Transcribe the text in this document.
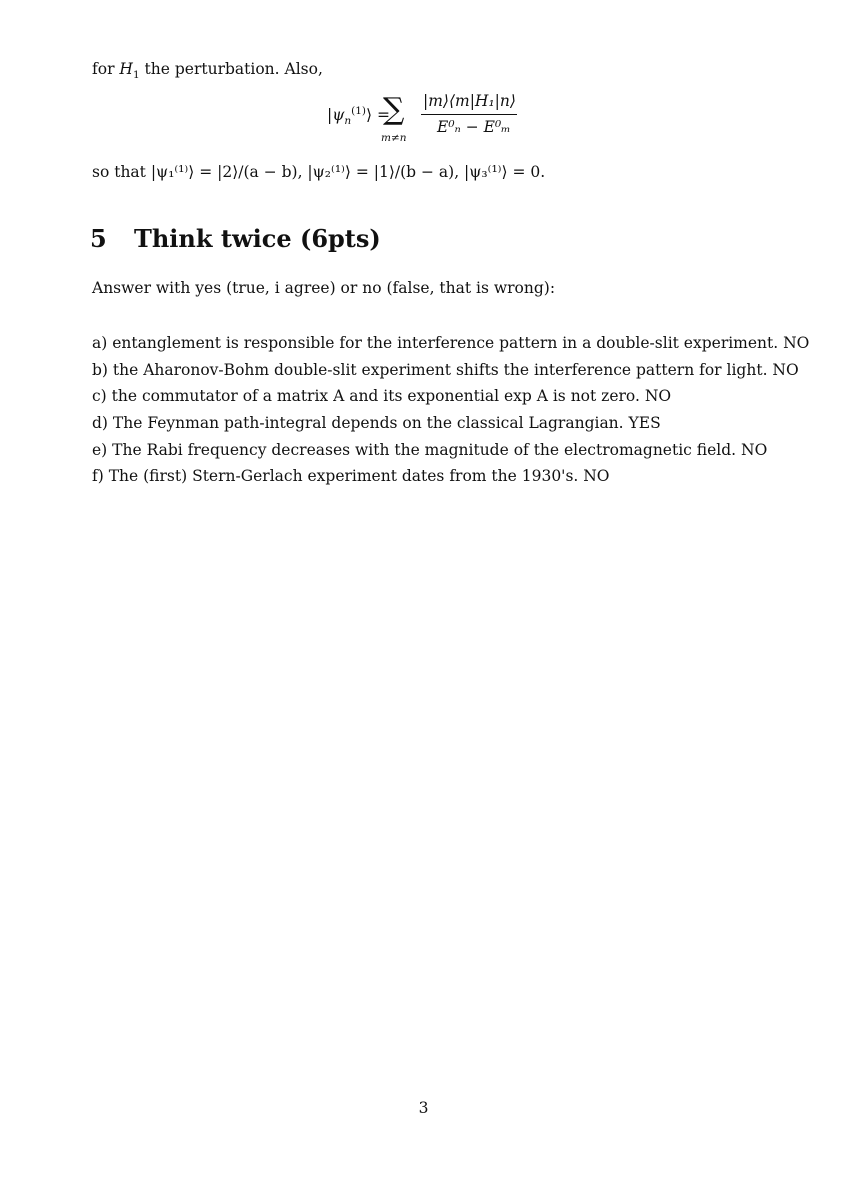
for $H_1$ the perturbation. Also,
$|\psi_n^{(1)}⟩$ =
∑
m≠n
|m⟩⟨m|H₁|n⟩
E⁰ₙ − E⁰ₘ
so that |ψ₁⁽¹⁾⟩ = |2⟩/(a − b), |ψ₂⁽¹⁾⟩ = |1⟩/(b − a), |ψ₃⁽¹⁾⟩ = 0.
5 Think twice (6pts)
Answer with yes (true, i agree) or no (false, that is wrong):
a) entanglement is responsible for the interference pattern in a double-slit experiment. NO
b) the Aharonov-Bohm double-slit experiment shifts the interference pattern for light. NO
c) the commutator of a matrix A and its exponential exp A is not zero. NO
d) The Feynman path-integral depends on the classical Lagrangian. YES
e) The Rabi frequency decreases with the magnitude of the electromagnetic field. NO
f) The (first) Stern-Gerlach experiment dates from the 1930's. NO
3
